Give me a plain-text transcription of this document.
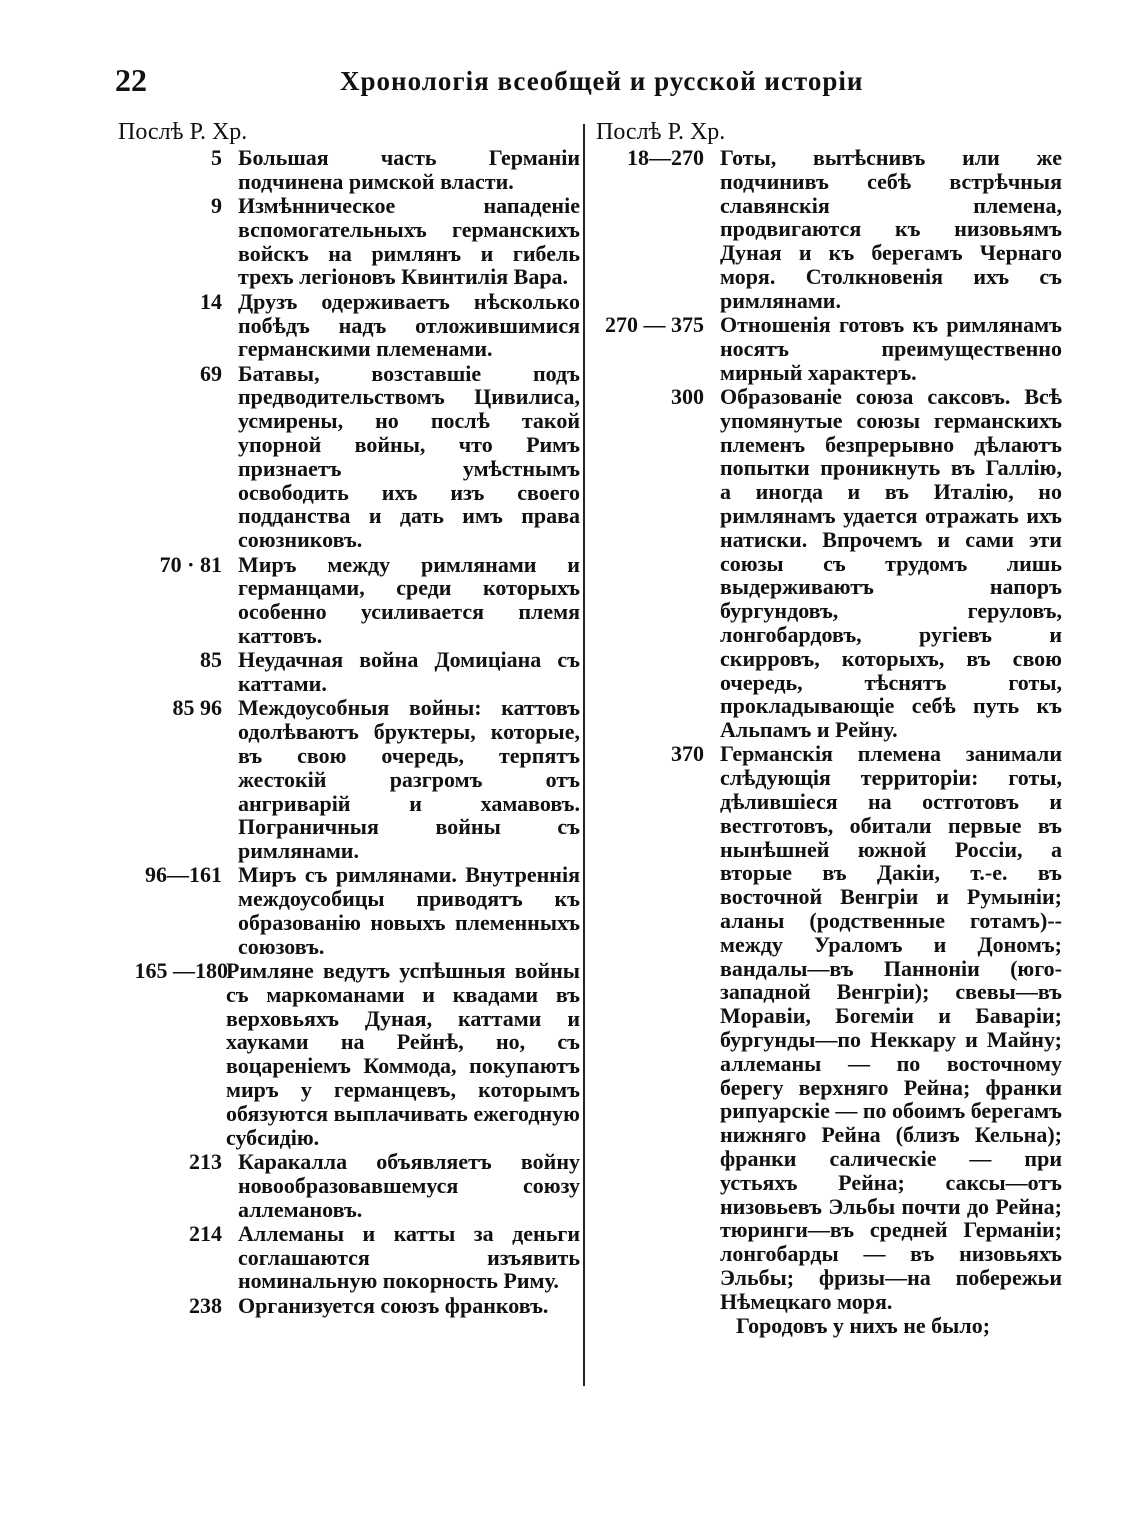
22	Хронологія всеобщей и русской исторіи
Послѣ Р. Хр.
5 Большая часть Германіи подчинена римской власти.
9 Измѣнническое нападеніе вспомогательныхъ германскихъ войскъ на римлянъ и гибель трехъ легіоновъ Квинтилія Вара.
14 Друзъ одерживаетъ нѣсколько побѣдъ надъ отложившимися германскими племенами.
69 Батавы, возставшіе подъ предводительствомъ Цивилиса, усмирены, но послѣ такой упорной войны, что Римъ признаетъ умѣстнымъ освободить ихъ изъ своего подданства и дать имъ права союзниковъ.
70 · 81 Миръ между римлянами и германцами, среди которыхъ особенно усиливается племя каттовъ.
85 Неудачная война Домиціана съ каттами.
85 96 Междоусобныя войны: каттовъ одолѣваютъ бруктеры, которые, въ свою очередь, терпятъ жестокій разгромъ отъ ангриварій и хамавовъ. Пограничныя войны съ римлянами.
96—161 Миръ съ римлянами. Внутреннія междоусобицы приводятъ къ образованію новыхъ племенныхъ союзовъ.
165 —180
Римляне ведутъ успѣшныя войны съ маркоманами и квадами въ верховьяхъ Дуная, каттами и хауками на Рейнѣ, но, съ воцареніемъ Коммода, покупаютъ миръ у германцевъ, которымъ обязуются выплачивать ежегодную субсидію.
213 Каракалла объявляетъ войну новообразовавшемуся союзу аллемановъ.
214 Аллеманы и катты за деньги соглашаются изъявить номинальную покорность Риму.
238 Организуется союзъ франковъ.
Послѣ Р. Хр.
18—270 Готы, вытѣснивъ или же подчинивъ себѣ встрѣчныя славянскія племена, продвигаются къ низовьямъ Дуная и къ берегамъ Чернаго моря. Столкновенія ихъ съ римлянами.
270 — 375 Отношенія готовъ къ римлянамъ носятъ преимущественно мирный характеръ.
300 Образованіе союза саксовъ. Всѣ упомянутые союзы германскихъ племенъ безпрерывно дѣлаютъ попытки проникнуть въ Галлію, а иногда и въ Италію, но римлянамъ удается отражать ихъ натиски. Впрочемъ и сами эти союзы съ трудомъ лишь выдерживаютъ напоръ бургундовъ, геруловъ, лонгобардовъ, ругіевъ и скирровъ, которыхъ, въ свою очередь, тѣснятъ готы, прокладывающіе себѣ путь къ Альпамъ и Рейну.
370 Германскія племена занимали слѣдующія территоріи: готы, дѣлившіеся на остготовъ и вестготовъ, обитали первые въ нынѣшней южной Россіи, а вторые въ Дакіи, т.-е. въ восточной Венгріи и Румыніи; аланы (родственные готамъ)--между Ураломъ и Дономъ; вандалы—въ Панноніи (юго-западной Венгріи); свевы—въ Моравіи, Богеміи и Баваріи; бургунды—по Неккару и Майну; аллеманы — по восточному берегу верхняго Рейна; франки рипуарскіе — по обоимъ берегамъ нижняго Рейна (близъ Кельна); франки салическіе — при устьяхъ Рейна; саксы—отъ низовьевъ Эльбы почти до Рейна; тюринги—въ средней Германіи; лонгобарды — въ низовьяхъ Эльбы; фризы—на побережьи Нѣмецкаго моря.
Городовъ у нихъ не было;
